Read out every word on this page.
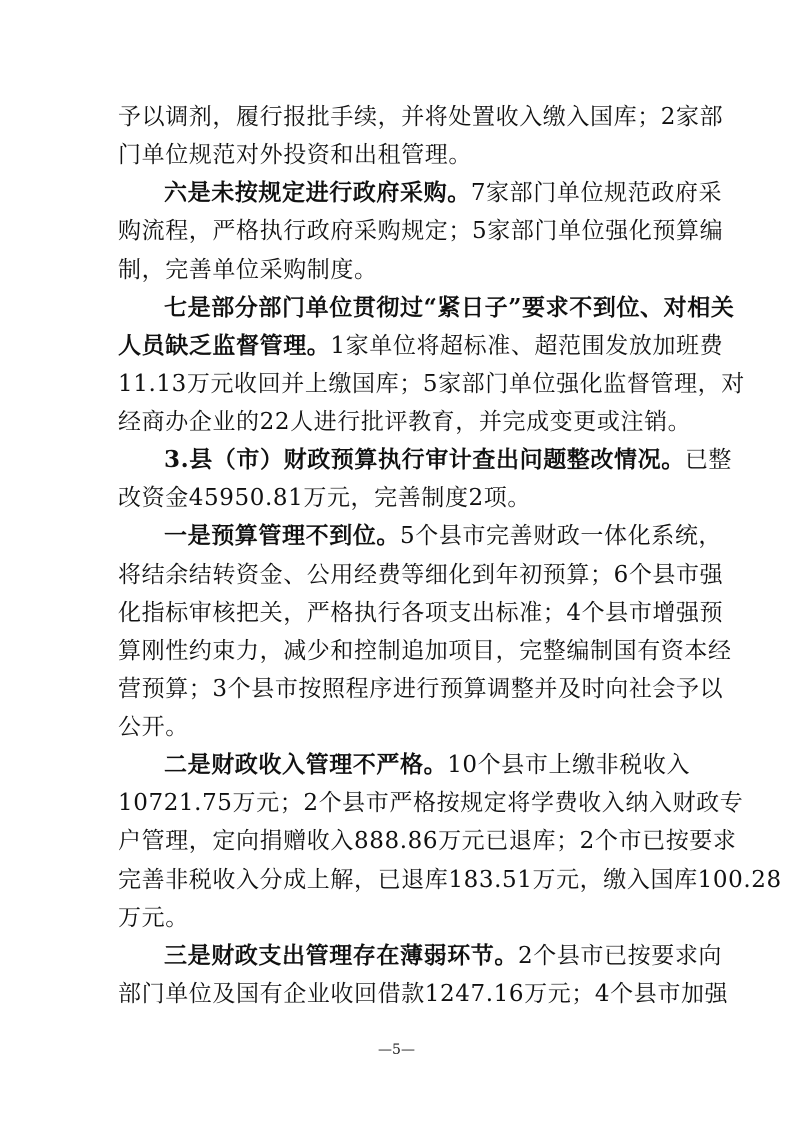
予以调剂，履行报批手续，并将处置收入缴入国库；2家部
门单位规范对外投资和出租管理。
六是未按规定进行政府采购。7家部门单位规范政府采
购流程，严格执行政府采购规定；5家部门单位强化预算编
制，完善单位采购制度。
七是部分部门单位贯彻过“紧日子”要求不到位、对相关
人员缺乏监督管理。1家单位将超标准、超范围发放加班费
11.13万元收回并上缴国库；5家部门单位强化监督管理，对
经商办企业的22人进行批评教育，并完成变更或注销。
3.县（市）财政预算执行审计查出问题整改情况。已整
改资金45950.81万元，完善制度2项。
一是预算管理不到位。5个县市完善财政一体化系统，
将结余结转资金、公用经费等细化到年初预算；6个县市强
化指标审核把关，严格执行各项支出标准；4个县市增强预
算刚性约束力，减少和控制追加项目，完整编制国有资本经
营预算；3个县市按照程序进行预算调整并及时向社会予以
公开。
二是财政收入管理不严格。10个县市上缴非税收入
10721.75万元；2个县市严格按规定将学费收入纳入财政专
户管理，定向捐赠收入888.86万元已退库；2个市已按要求
完善非税收入分成上解，已退库183.51万元，缴入国库100.28
万元。
三是财政支出管理存在薄弱环节。2个县市已按要求向
部门单位及国有企业收回借款1247.16万元；4个县市加强
—5—
